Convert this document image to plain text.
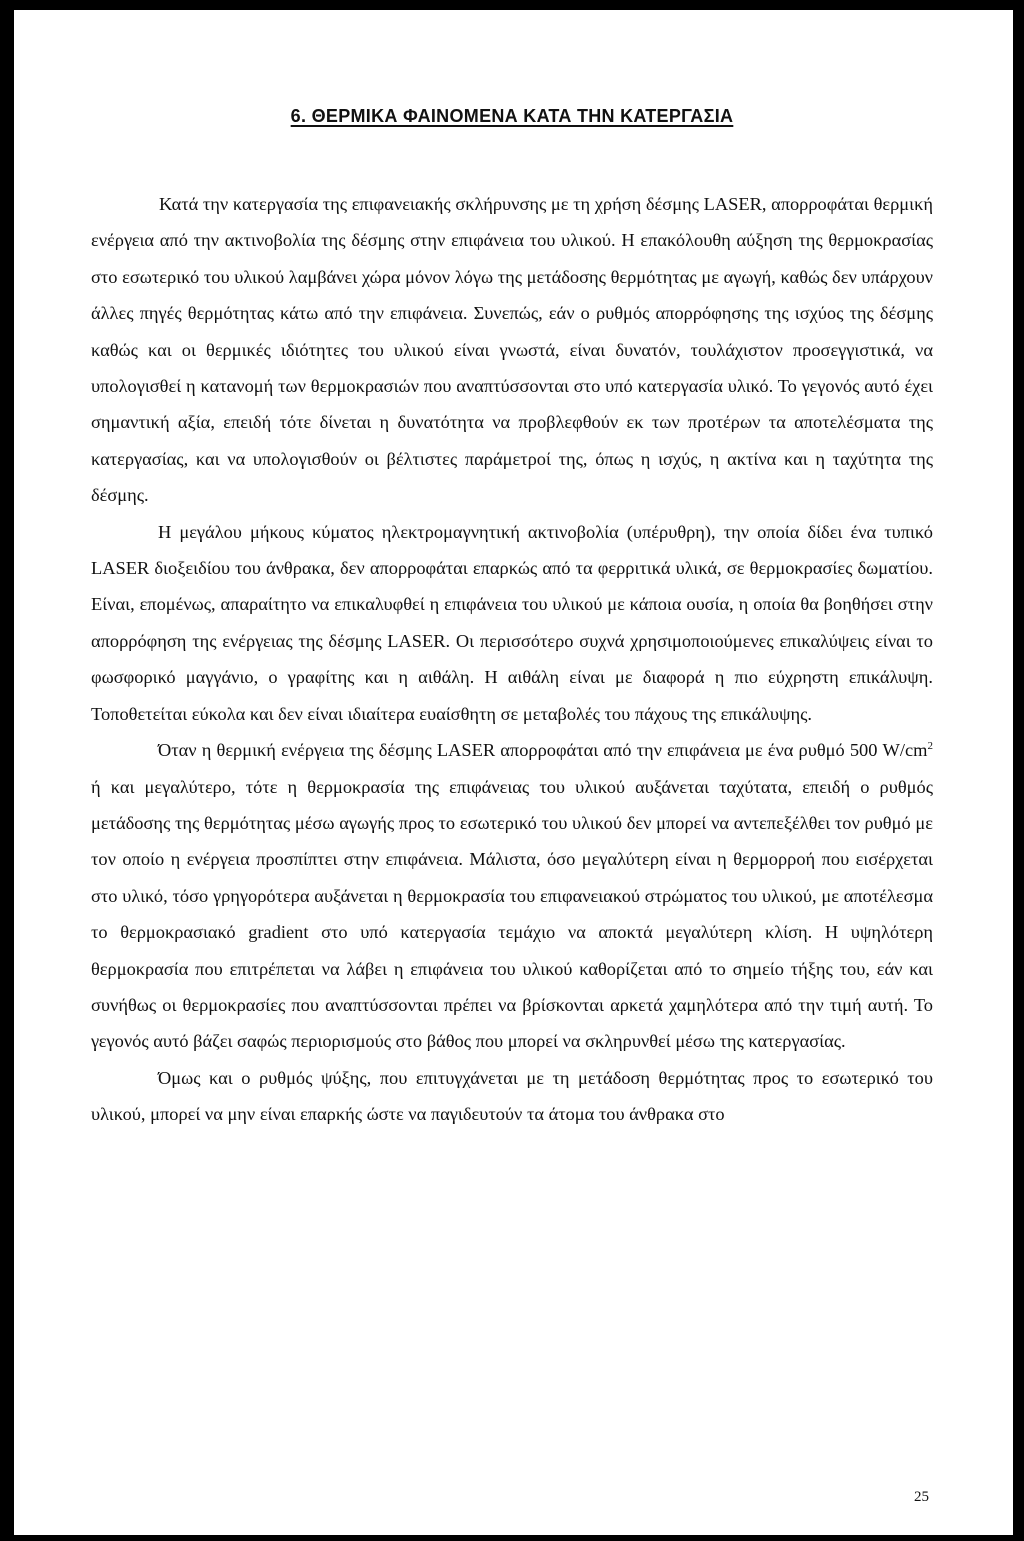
6. ΘΕΡΜΙΚΑ ΦΑΙΝΟΜΕΝΑ ΚΑΤΑ ΤΗΝ ΚΑΤΕΡΓΑΣΙΑ

Κατά την κατεργασία της επιφανειακής σκλήρυνσης με τη χρήση δέσμης LASER, απορροφάται θερμική ενέργεια από την ακτινοβολία της δέσμης στην επιφάνεια του υλικού. Η επακόλουθη αύξηση της θερμοκρασίας στο εσωτερικό του υλικού λαμβάνει χώρα μόνον λόγω της μετάδοσης θερμότητας με αγωγή, καθώς δεν υπάρχουν άλλες πηγές θερμότητας κάτω από την επιφάνεια. Συνεπώς, εάν ο ρυθμός απορρόφησης της ισχύος της δέσμης καθώς και οι θερμικές ιδιότητες του υλικού είναι γνωστά, είναι δυνατόν, τουλάχιστον προσεγγιστικά, να υπολογισθεί η κατανομή των θερμοκρασιών που αναπτύσσονται στο υπό κατεργασία υλικό. Το γεγονός αυτό έχει σημαντική αξία, επειδή τότε δίνεται η δυνατότητα να προβλεφθούν εκ των προτέρων τα αποτελέσματα της κατεργασίας, και να υπολογισθούν οι βέλτιστες παράμετροί της, όπως η ισχύς, η ακτίνα και η ταχύτητα της δέσμης.

Η μεγάλου μήκους κύματος ηλεκτρομαγνητική ακτινοβολία (υπέρυθρη), την οποία δίδει ένα τυπικό LASER διοξειδίου του άνθρακα, δεν απορροφάται επαρκώς από τα φερριτικά υλικά, σε θερμοκρασίες δωματίου. Είναι, επομένως, απαραίτητο να επικαλυφθεί η επιφάνεια του υλικού με κάποια ουσία, η οποία θα βοηθήσει στην απορρόφηση της ενέργειας της δέσμης LASER. Οι περισσότερο συχνά χρησιμοποιούμενες επικαλύψεις είναι το φωσφορικό μαγγάνιο, ο γραφίτης και η αιθάλη. Η αιθάλη είναι με διαφορά η πιο εύχρηστη επικάλυψη. Τοποθετείται εύκολα και δεν είναι ιδιαίτερα ευαίσθητη σε μεταβολές του πάχους της επικάλυψης.

Όταν η θερμική ενέργεια της δέσμης LASER απορροφάται από την επιφάνεια με ένα ρυθμό 500 $W/cm^2$ ή και μεγαλύτερο, τότε η θερμοκρασία της επιφάνειας του υλικού αυξάνεται ταχύτατα, επειδή ο ρυθμός μετάδοσης της θερμότητας μέσω αγωγής προς το εσωτερικό του υλικού δεν μπορεί να αντεπεξέλθει τον ρυθμό με τον οποίο η ενέργεια προσπίπτει στην επιφάνεια. Μάλιστα, όσο μεγαλύτερη είναι η θερμορροή που εισέρχεται στο υλικό, τόσο γρηγορότερα αυξάνεται η θερμοκρασία του επιφανειακού στρώματος του υλικού, με αποτέλεσμα το θερμοκρασιακό gradient στο υπό κατεργασία τεμάχιο να αποκτά μεγαλύτερη κλίση. Η υψηλότερη θερμοκρασία που επιτρέπεται να λάβει η επιφάνεια του υλικού καθορίζεται από το σημείο τήξης του, εάν και συνήθως οι θερμοκρασίες που αναπτύσσονται πρέπει να βρίσκονται αρκετά χαμηλότερα από την τιμή αυτή. Το γεγονός αυτό βάζει σαφώς περιορισμούς στο βάθος που μπορεί να σκληρυνθεί μέσω της κατεργασίας.

Όμως και ο ρυθμός ψύξης, που επιτυγχάνεται με τη μετάδοση θερμότητας προς το εσωτερικό του υλικού, μπορεί να μην είναι επαρκής ώστε να παγιδευτούν τα άτομα του άνθρακα στο

25
